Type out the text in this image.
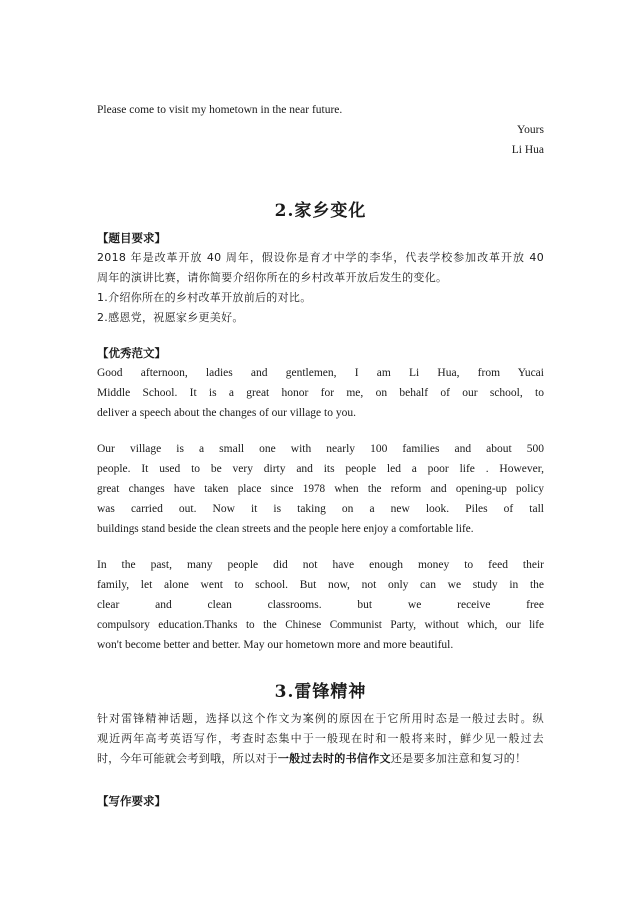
Please come to visit my hometown in the near future.

Yours

Li Hua

2.家乡变化

【题目要求】

2018 年是改革开放 40 周年，假设你是育才中学的李华，代表学校参加改革开放 40

周年的演讲比赛，请你简要介绍你所在的乡村改革开放后发生的变化。

1.介绍你所在的乡村改革开放前后的对比。

2.感恩党，祝愿家乡更美好。

【优秀范文】

Good afternoon, ladies and gentlemen, I am Li Hua, from Yucai

Middle School. It is a great honor for me, on behalf of our school, to

deliver a speech about the changes of our village to you.

Our village is a small one with nearly 100 families and about 500

people. It used to be very dirty and its people led a poor life . However,

great changes have taken place since 1978 when the reform and opening-up policy

was carried out. Now it is taking on a new look. Piles of tall

buildings stand beside the clean streets and the people here enjoy a comfortable life.

In the past, many people did not have enough money to feed their

family, let alone went to school. But now, not only can we study in the

clear and clean classrooms. but we receive free

compulsory education.Thanks to the Chinese Communist Party, without which, our life

won't become better and better. May our hometown more and more beautiful.

3.雷锋精神

针对雷锋精神话题，选择以这个作文为案例的原因在于它所用时态是一般过去时。纵

观近两年高考英语写作，考查时态集中于一般现在时和一般将来时，鲜少见一般过去

时，今年可能就会考到哦，所以对于一般过去时的书信作文还是要多加注意和复习的！

【写作要求】
